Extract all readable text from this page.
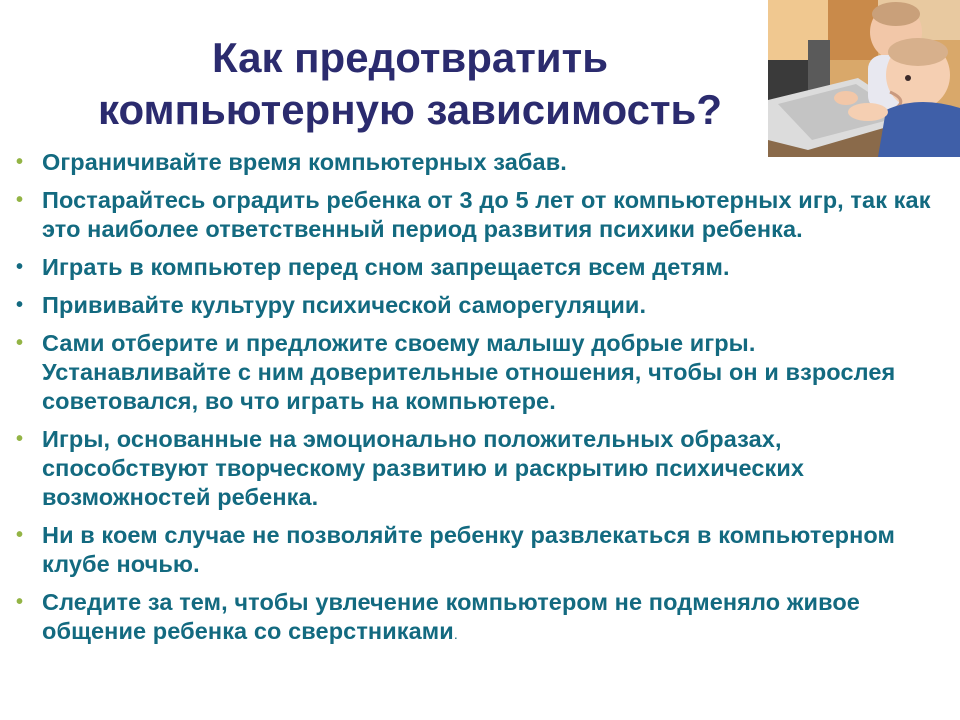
Как предотвратить
компьютерную зависимость?
• Ограничивайте время компьютерных забав.
• Постарайтесь оградить ребенка от 3 до 5 лет от компьютерных игр, так как это наиболее ответственный период развития психики ребенка.
• Играть в компьютер перед сном запрещается всем детям.
• Прививайте культуру психической саморегуляции.
• Сами отберите и предложите своему малышу добрые игры. Устанавливайте с ним доверительные отношения, чтобы он и взрослея советовался, во что играть на компьютере.
• Игры, основанные на эмоционально положительных образах, способствуют творческому развитию и раскрытию психических возможностей ребенка.
• Ни в коем случае не позволяйте ребенку развлекаться в компьютерном клубе ночью.
• Следите за тем, чтобы увлечение компьютером не подменяло живое общение ребенка со сверстниками.
